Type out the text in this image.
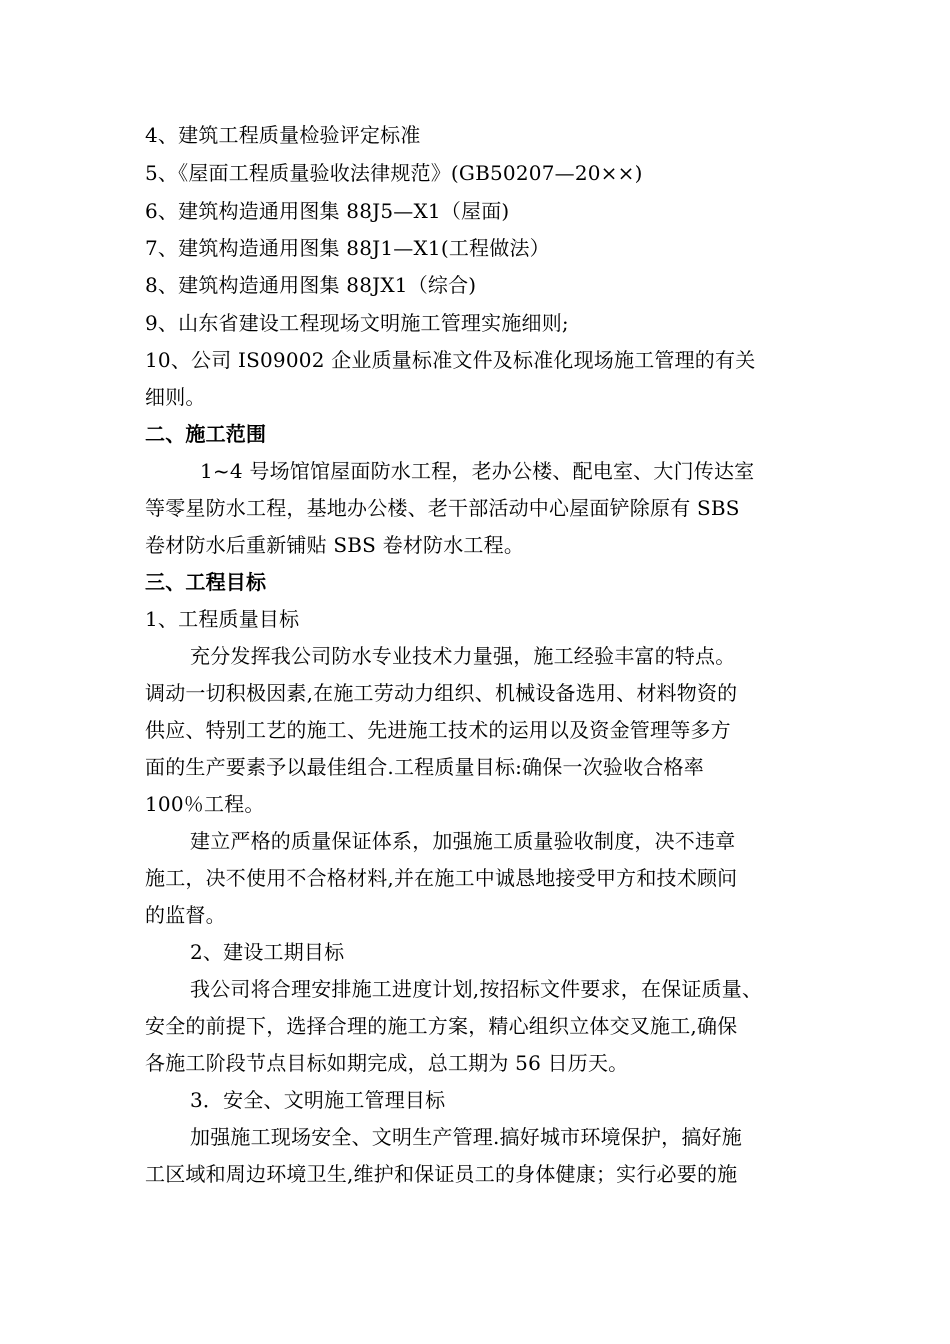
4、建筑工程质量检验评定标准
5、《屋面工程质量验收法律规范》(GB50207—20××)
6、建筑构造通用图集 88J5—X1（屋面)
7、建筑构造通用图集 88J1—X1(工程做法）
8、建筑构造通用图集 88JX1（综合)
9、山东省建设工程现场文明施工管理实施细则;
10、公司 IS09002 企业质量标准文件及标准化现场施工管理的有关
细则。
二、施工范围
1~4 号场馆馆屋面防水工程，老办公楼、配电室、大门传达室
等零星防水工程，基地办公楼、老干部活动中心屋面铲除原有 SBS
卷材防水后重新铺贴 SBS 卷材防水工程。
三、工程目标
1、工程质量目标
充分发挥我公司防水专业技术力量强，施工经验丰富的特点。
调动一切积极因素,在施工劳动力组织、机械设备选用、材料物资的
供应、特别工艺的施工、先进施工技术的运用以及资金管理等多方
面的生产要素予以最佳组合.工程质量目标:确保一次验收合格率
100％工程。
建立严格的质量保证体系，加强施工质量验收制度，决不违章
施工，决不使用不合格材料,并在施工中诚恳地接受甲方和技术顾问
的监督。
2、建设工期目标
我公司将合理安排施工进度计划,按招标文件要求，在保证质量、
安全的前提下，选择合理的施工方案，精心组织立体交叉施工,确保
各施工阶段节点目标如期完成，总工期为 56 日历天。
3．安全、文明施工管理目标
加强施工现场安全、文明生产管理.搞好城市环境保护，搞好施
工区域和周边环境卫生,维护和保证员工的身体健康；实行必要的施
